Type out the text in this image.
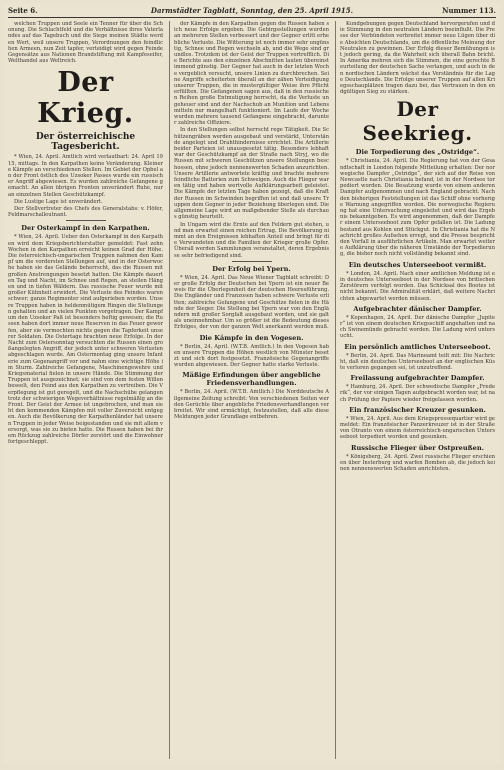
Seite 6.	Darmstädter Tagblatt, Sonntag, den 25. April 1915.	Nummer 113.

welchen Truppen und Seele ein Tenner für über die Schonung. Die Schlachtfeld und die Verhältnisse ihres Vaterlandes auf das Tagebuch und die Siege meinen Städte werden Wert, weil unsere Truppen, Verordnungen den feindlichen Armeen, nun Zeit tapfer, verteidigt wird gegen Feinde Gegensätze aus Nationen Brandstiftung mit Kampfeseifer, Welthandel aus Weltreich.

Der Krieg.
Der österreichische Tagesbericht.

* Wien, 24. April. Amtlich wird verlautbart: 24. April 1915, mittags. In den Karpathen keine Veränderung. Kleinere Kämpfe an verschiedenen Stellen. Im Gebiet der Opbel an der Front östlich des Uzsoker Passes wurde ein russischer Angriff abgewiesen. Es wurden zahlreiche Gefangene gemacht. An allen übrigen Fronten unverändert Ruhe, nur an einzelnen Stellen Geschützkampf.

Die Lustige Lage ist unverändert.

Der Stellvertreter des Chefs des Generalstabs: v. Höfer, Feldmarschalleutnant.

Der Osterkampf in den Karpathen.

* Wien, 24. April. Ueber den Osterkampf in den Karpathen wird dem Kriegsberichterstatter gemeldet: Fast zehn Wochen in den Karpathen erreicht keinen Grad der Höhe. Die österreichisch-ungarischen Truppen nahmen den Kampf um die vordersten Stellungen auf, und in der Osterwoche haben sie das Gelände beherrscht, das die Russen mit großen Anstrengungen besetzt hatten. Die Kämpfe dauerten Tag und Nacht, im Schnee und Regen, an steilen Hängen und in tiefen Wäldern. Das russische Feuer wurde mit großer Kühnheit erwidert. Die Verluste des Feindes waren schwer; ganze Regimenter sind aufgerieben worden. Unsere Truppen haben in heldenmütigem Ringen die Stellungen gehalten und an vielen Punkten vorgetragen. Der Kampf um den Uzsoker Paß ist besonders heftig gewesen; die Russen haben dort immer neue Reserven in das Feuer geworfen, aber sie vermochten nichts gegen die Tapferkeit unserer Soldaten. Die Ostertage brachten neue Erfolge. In der Nacht zum Ostersonntag versuchten die Russen einen großangelegten Angriff, der jedoch unter schweren Verlusten abgeschlagen wurde. Am Ostermontag ging unsere Infanterie zum Gegenangriff vor und nahm eine wichtige Höhe im Sturm. Zahlreiche Gefangene, Maschinengewehre und Kriegsmaterial fielen in unsere Hände. Die Stimmung der Truppen ist ausgezeichnet; sie sind von dem festen Willen beseelt, den Feind aus den Karpathen zu vertreiben. Die Verpflegung ist gut geregelt, und die Nachschübe gelangen trotz der schwierigen Wegeverhältnisse regelmäßig an die Front. Der Geist der Armee ist ungebrochen, und man sieht den kommenden Kämpfen mit voller Zuversicht entgegen. Auch die Bevölkerung der Karpathenländer hat unseren Truppen in jeder Weise beigestanden und sie mit allem versorgt, was sie zu bieten hatte. Die Russen haben bei ihrem Rückzug zahlreiche Dörfer zerstört und die Einwohner fortgeschleppt.

der Kämpfe in den Karpathen gegen die Russen haben sich neue Erfolge ergeben. Die Gebirgsstellungen wurden an mehreren Stellen verbessert und der Gegner erlitt erhebliche Verluste. Die Witterung ist noch immer sehr ungünstig, Schnee und Regen wechseln ab, und die Wege sind grundlos. Trotzdem ist der Geist der Truppen vortrefflich. Die Berichte aus den einzelnen Abschnitten lauten übereinstimmend günstig. Der Gegner hat auch in der letzten Woche vergeblich versucht, unsere Linien zu durchbrechen. Seine Angriffe scheiterten überall an der zähen Verteidigung unserer Truppen, die in mustergültiger Weise ihre Pflicht erfüllten. Die Gefangenen sagen aus, daß in den russischen Reihen große Entmutigung herrscht, da die Verluste ungeheuer sind und der Nachschub an Munition und Lebensmitteln nur mangelhaft funktioniert. Im Laufe der Woche wurden mehrere tausend Gefangene eingebracht, darunter zahlreiche Offiziere.

In den Stellungen selbst herrscht rege Tätigkeit. Die Schützengräben werden ausgebaut und verstärkt, Unterstände angelegt und Drahthindernisse errichtet. Die Artillerie beider Parteien ist unausgesetzt tätig. Besonders lebhaft war der Geschützkampf an der Straße nach Stryj, wo die Russen mit schweren Geschützen unsere Stellungen beschossen, ohne jedoch nennenswerten Schaden anzurichten. Unsere Artillerie antwortete kräftig und brachte mehrere feindliche Batterien zum Schweigen. Auch die Flieger waren tätig und haben wertvolle Aufklärungsarbeit geleistet. Die Kämpfe der letzten Tage haben gezeigt, daß die Kraft der Russen im Schwinden begriffen ist und daß unsere Truppen dem Gegner in jeder Beziehung überlegen sind. Die allgemeine Lage wird an maßgebender Stelle als durchaus günstig beurteilt.

In Ungarn wird die Ernte auf den Feldern gut stehen, und man erwartet einen reichen Ertrag. Die Bevölkerung nimmt an den Ereignissen lebhaften Anteil und bringt für die Verwundeten und die Familien der Krieger große Opfer. Überall werden Sammlungen veranstaltet, deren Ergebnisse sehr befriedigend sind.

Der Erfolg bei Ypern.

* Wien, 24. April. Das Neue Wiener Tagblatt schreibt: Der große Erfolg der Deutschen bei Ypern ist ein neuer Beweis für die Überlegenheit der deutschen Heeresführung. Die Engländer und Franzosen haben schwere Verluste erlitten; zahlreiche Gefangene und Geschütze fielen in die Hände der Sieger. Die Stellung bei Ypern war von den Engländern mit großer Sorgfalt ausgebaut worden, und sie galt als uneinnehmbar. Um so größer ist die Bedeutung dieses Erfolges, der von der ganzen Welt anerkannt werden muß.

Die Kämpfe in den Vogesen.

* Berlin, 24. April. (W.T.B. Amtlich.) In den Vogesen haben unsere Truppen die Höhen westlich von Münster besetzt und sich dort festgesetzt. Französische Gegenangriffe wurden abgewiesen. Der Gegner hatte starke Verluste.

Mäßige Erfindungen über angebliche Friedensverhandlungen.

* Berlin, 24. April. (W.T.B. Amtlich.) Die Norddeutsche Allgemeine Zeitung schreibt: Von verschiedenen Seiten werden Gerüchte über angebliche Friedensverhandlungen verbreitet. Wir sind ermächtigt, festzustellen, daß alle diese Meldungen jeder Grundlage entbehren.

Kundgebungen gegen Deutschland hervorgerufen und die Stimmung in den neutralen Ländern beeinflußt. Die Presse der Verbündeten verbreitet immer neue Lügen über die Absichten Deutschlands, um die öffentliche Meinung der Neutralen zu gewinnen. Der Erfolg dieser Bemühungen ist jedoch gering, da die Wahrheit sich überall Bahn bricht. In Amerika mehren sich die Stimmen, die eine gerechte Beurteilung der deutschen Sache verlangen, und auch in den nordischen Ländern wächst das Verständnis für die Lage Deutschlands. Die Erfolge unserer Truppen auf allen Kriegsschauplätzen tragen dazu bei, das Vertrauen in den endgültigen Sieg zu stärken.

Der Seekrieg.
Die Torpedierung des „Ostridge“.

* Christiania, 24. April. Die Regierung hat von der Gesandtschaft in London folgende Mitteilung erhalten: Der norwegische Dampfer „Ostridge“, der sich auf der Reise von Newcastle nach Christiania befand, ist in der Nordsee torpediert worden. Die Besatzung wurde von einem anderen Dampfer aufgenommen und nach England gebracht. Nach den bisherigen Feststellungen ist das Schiff ohne vorherige Warnung angegriffen worden. Die norwegische Regierung hat eine Untersuchung eingeleitet und wird das Ergebnis bekanntgeben. Es wird angenommen, daß der Dampfer einem Unterseeboot zum Opfer gefallen ist. Die Ladung bestand aus Kohlen und Stückgut. In Christiania hat die Nachricht großes Aufsehen erregt, und die Presse bespricht den Vorfall in ausführlichen Artikeln. Man erwartet weitere Aufklärung über die näheren Umstände der Torpedierung, die bisher noch nicht vollständig bekannt sind.

Ein deutsches Unterseeboot vermißt.

* London, 24. April. Nach einer amtlichen Meldung ist ein deutsches Unterseeboot in der Nordsee von britischen Zerstörern verfolgt worden. Das Schicksal des Bootes ist nicht bekannt. Die Admiralität erklärt, daß weitere Nachrichten abgewartet werden müssen.

Aufgebrachter dänischer Dampfer.

* Kopenhagen, 24. April. Der dänische Dampfer „Jupiter“ ist von einem deutschen Kriegsschiff angehalten und nach Swinemünde gebracht worden. Die Ladung wird untersucht.

Ein persönlich amtliches Unterseeboot.

* Berlin, 24. April. Das Marineamt teilt mit: Die Nachricht, daß ein deutsches Unterseeboot an der englischen Küste verloren gegangen sei, ist unzutreffend.

Freilassung aufgebrachter Dampfer.

* Hamburg, 24. April. Der schwedische Dampfer „Frederik“, der vor einigen Tagen aufgebracht worden war, ist nach Prüfung der Papiere wieder freigelassen worden.

Ein französischer Kreuzer gesunken.

* Wien, 24. April. Aus dem Kriegspressequartier wird gemeldet: Ein französischer Panzerkreuzer ist in der Straße von Otranto von einem österreichisch-ungarischen Unterseeboot torpediert worden und gesunken.

Russische Flieger über Ostpreußen.

* Königsberg, 24. April. Zwei russische Flieger erschienen über Insterburg und warfen Bomben ab, die jedoch keinen nennenswerten Schaden anrichteten.
